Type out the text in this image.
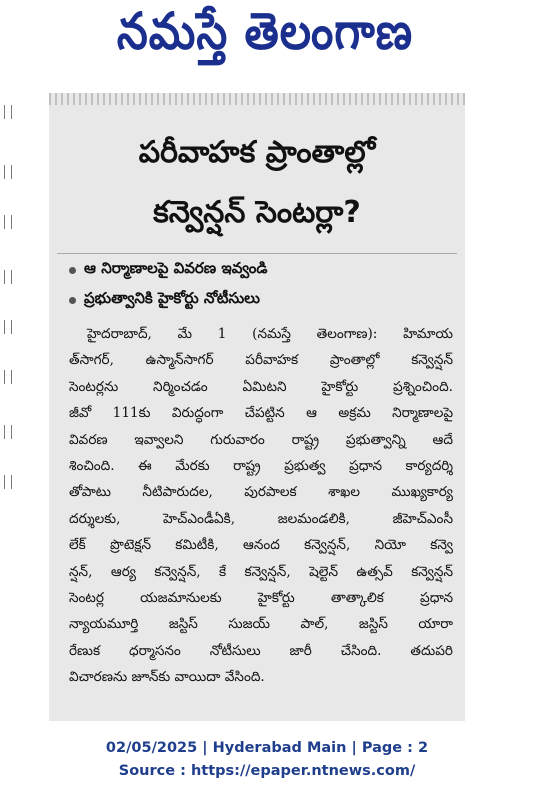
నమస్తే తెలంగాణ
పరీవాహక ప్రాంతాల్లో
కన్వెన్షన్ సెంటర్లా?
ఆ నిర్మాణాలపై వివరణ ఇవ్వండి
ప్రభుత్వానికి హైకోర్టు నోటీసులు
హైదరాబాద్, మే 1 (నమస్తే తెలంగాణ): హిమాయ
త్‌సాగర్, ఉస్మాన్‌సాగర్ పరీవాహక ప్రాంతాల్లో కన్వెన్షన్
సెంటర్లను నిర్మించడం ఏమిటని హైకోర్టు ప్రశ్నించింది.
జీవో 111కు విరుద్ధంగా చేపట్టిన ఆ అక్రమ నిర్మాణాలపై
వివరణ ఇవ్వాలని గురువారం రాష్ట్ర ప్రభుత్వాన్ని ఆదే
శించింది. ఈ మేరకు రాష్ట్ర ప్రభుత్వ ప్రధాన కార్యదర్శి
తోపాటు నీటిపారుదల, పురపాలక శాఖల ముఖ్యకార్య
దర్శులకు, హెచ్‌ఎండీఏకి, జలమండలికి, జీహెచ్‌ఎంసీ
లేక్ ప్రొటెక్షన్ కమిటీకి, ఆనంద కన్వెన్షన్, నియో కన్వె
న్షన్, ఆర్య కన్వెన్షన్, కే కన్వెన్షన్, షెల్టెన్ ఉత్సవ్ కన్వెన్షన్
సెంటర్ల యజమానులకు హైకోర్టు తాత్కాలిక ప్రధాన
న్యాయమూర్తి జస్టిస్ సుజయ్ పాల్, జస్టిస్ యారా
రేణుక ధర్మాసనం నోటీసులు జారీ చేసింది. తదుపరి
విచారణను జూన్‌కు వాయిదా వేసింది.
02/05/2025 | Hyderabad Main | Page : 2
Source : https://epaper.ntnews.com/
